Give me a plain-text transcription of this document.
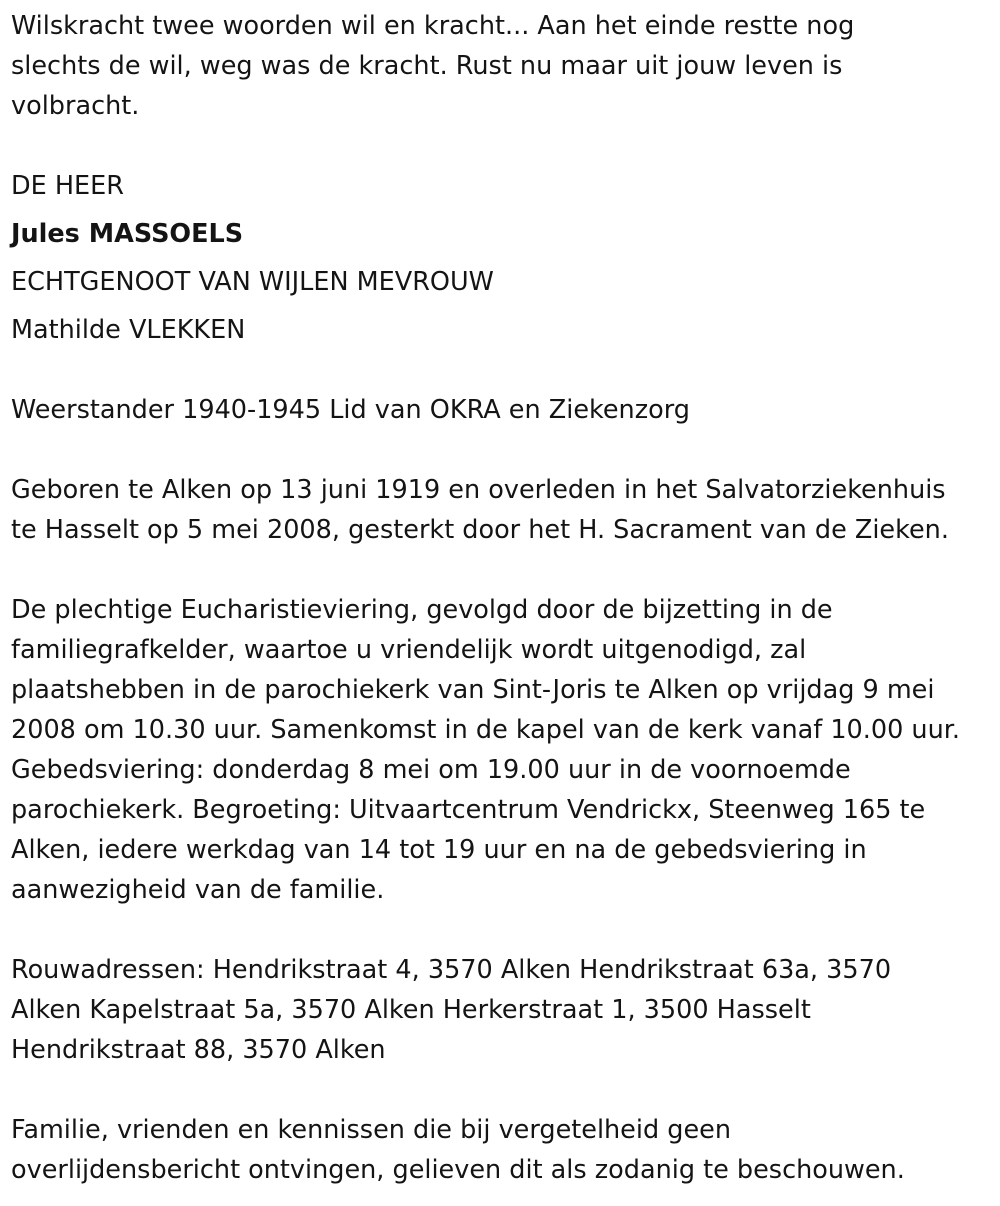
Wilskracht twee woorden wil en kracht... Aan het einde restte nog
slechts de wil, weg was de kracht. Rust nu maar uit jouw leven is
volbracht.

DE HEER

Jules MASSOELS

ECHTGENOOT VAN WIJLEN MEVROUW

Mathilde VLEKKEN

Weerstander 1940-1945 Lid van OKRA en Ziekenzorg

Geboren te Alken op 13 juni 1919 en overleden in het Salvatorziekenhuis
te Hasselt op 5 mei 2008, gesterkt door het H. Sacrament van de Zieken.

De plechtige Eucharistieviering, gevolgd door de bijzetting in de
familiegrafkelder, waartoe u vriendelijk wordt uitgenodigd, zal
plaatshebben in de parochiekerk van Sint-Joris te Alken op vrijdag 9 mei
2008 om 10.30 uur. Samenkomst in de kapel van de kerk vanaf 10.00 uur.
Gebedsviering: donderdag 8 mei om 19.00 uur in de voornoemde
parochiekerk. Begroeting: Uitvaartcentrum Vendrickx, Steenweg 165 te
Alken, iedere werkdag van 14 tot 19 uur en na de gebedsviering in
aanwezigheid van de familie.

Rouwadressen: Hendrikstraat 4, 3570 Alken Hendrikstraat 63a, 3570
Alken Kapelstraat 5a, 3570 Alken Herkerstraat 1, 3500 Hasselt
Hendrikstraat 88, 3570 Alken

Familie, vrienden en kennissen die bij vergetelheid geen
overlijdensbericht ontvingen, gelieven dit als zodanig te beschouwen.
